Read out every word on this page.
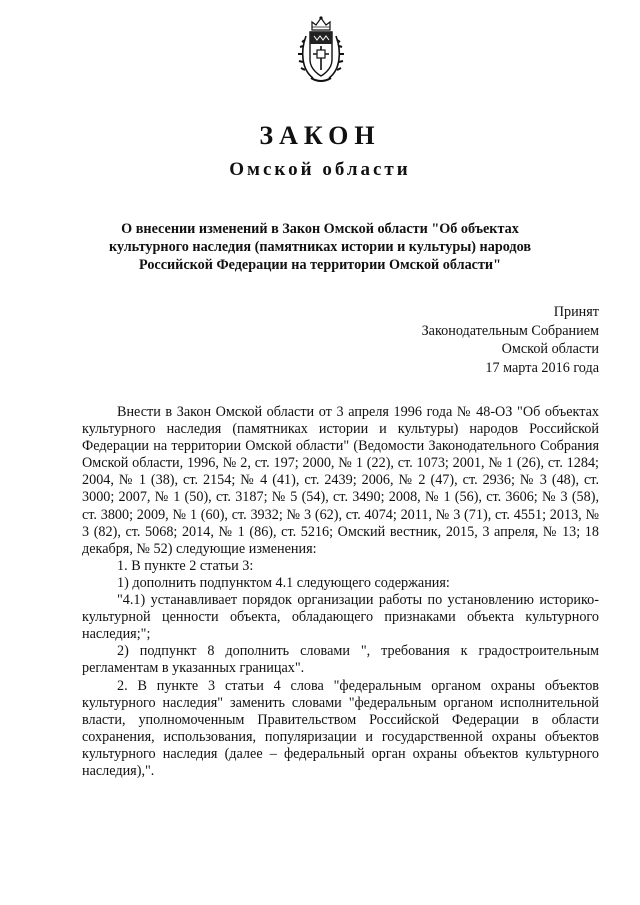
ЗАКОН
Омской области

О внесении изменений в Закон Омской области "Об объектах культурного наследия (памятниках истории и культуры) народов Российской Федерации на территории Омской области"

Принят
Законодательным Собранием
Омской области
17 марта 2016 года

Внести в Закон Омской области от 3 апреля 1996 года № 48-ОЗ "Об объектах культурного наследия (памятниках истории и культуры) народов Российской Федерации на территории Омской области" (Ведомости Законодательного Собрания Омской области, 1996, № 2, ст. 197; 2000, № 1 (22), ст. 1073; 2001, № 1 (26), ст. 1284; 2004, № 1 (38), ст. 2154; № 4 (41), ст. 2439; 2006, № 2 (47), ст. 2936; № 3 (48), ст. 3000; 2007, № 1 (50), ст. 3187; № 5 (54), ст. 3490; 2008, № 1 (56), ст. 3606; № 3 (58), ст. 3800; 2009, № 1 (60), ст. 3932; № 3 (62), ст. 4074; 2011, № 3 (71), ст. 4551; 2013, № 3 (82), ст. 5068; 2014, № 1 (86), ст. 5216; Омский вестник, 2015, 3 апреля, № 13; 18 декабря, № 52) следующие изменения:

1. В пункте 2 статьи 3:

1) дополнить подпунктом 4.1 следующего содержания:

"4.1) устанавливает порядок организации работы по установлению историко-культурной ценности объекта, обладающего признаками объекта культурного наследия;";

2) подпункт 8 дополнить словами ", требования к градостроительным регламентам в указанных границах".

2. В пункте 3 статьи 4 слова "федеральным органом охраны объектов культурного наследия" заменить словами "федеральным органом исполнительной власти, уполномоченным Правительством Российской Федерации в области сохранения, использования, популяризации и государственной охраны объектов культурного наследия (далее – федеральный орган охраны объектов культурного наследия),".
